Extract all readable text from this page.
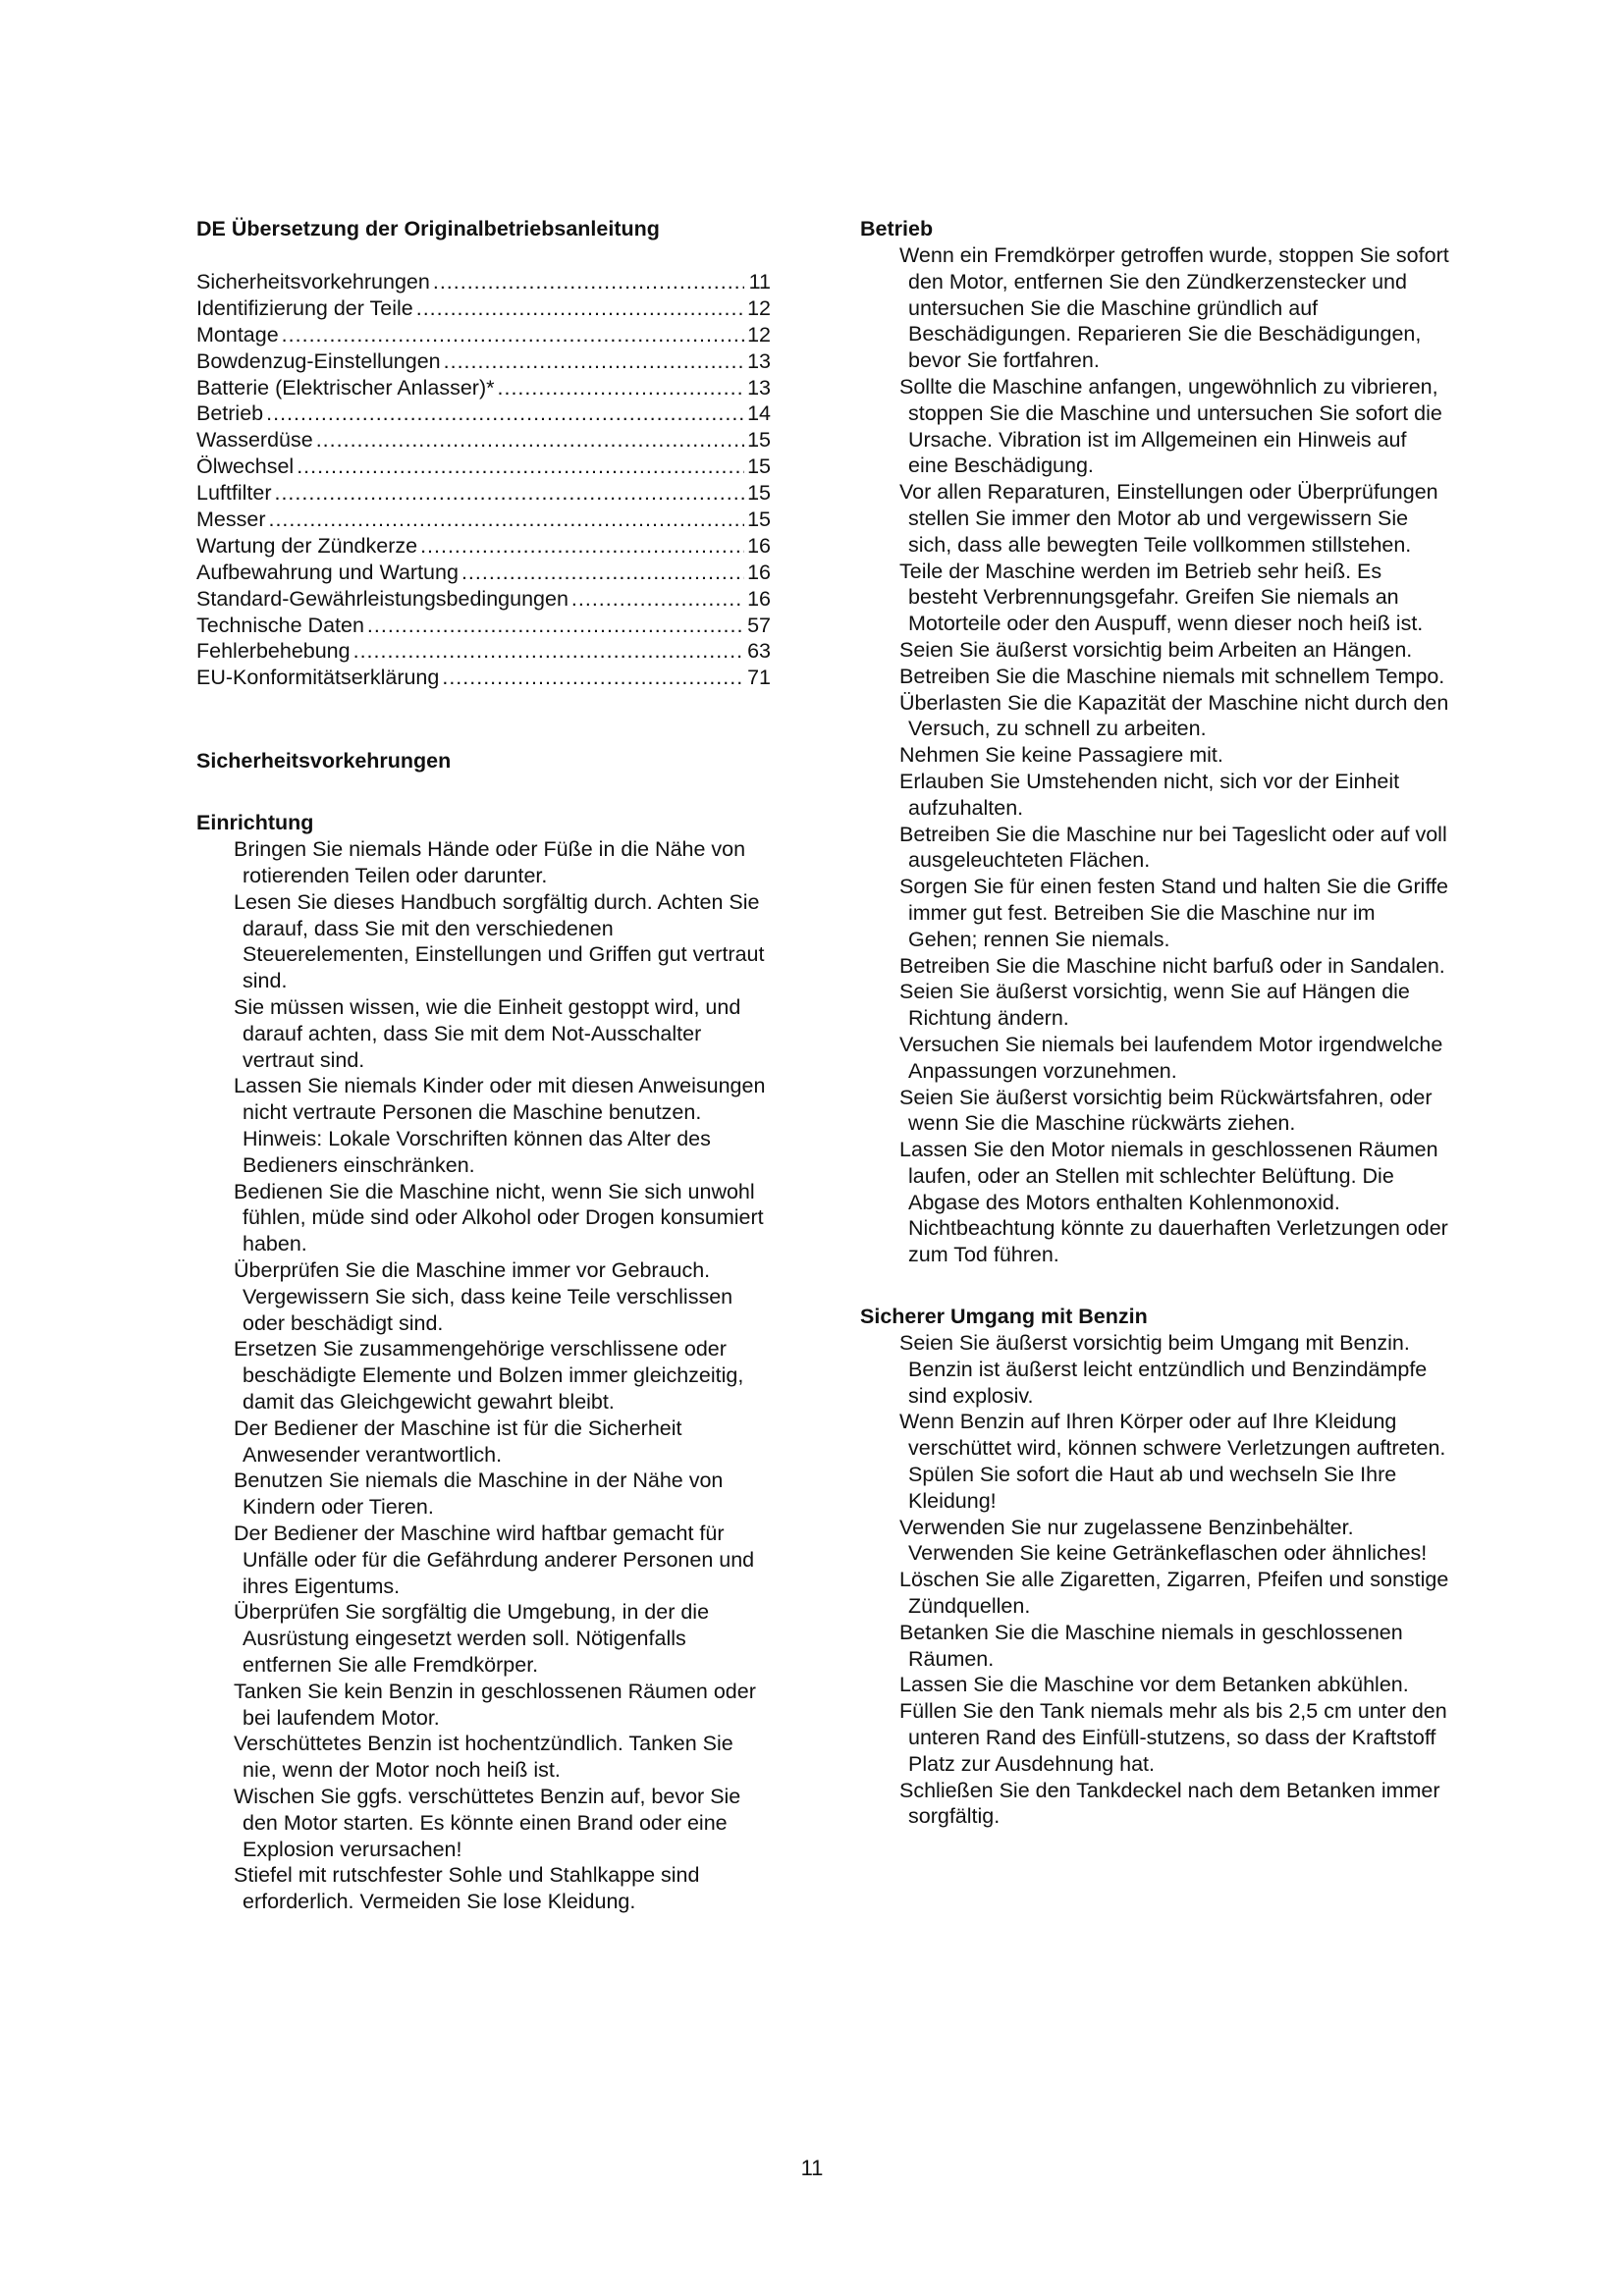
DE Übersetzung der Originalbetriebsanleitung
Sicherheitsvorkehrungen .....	11
Identifizierung der Teile .....	12
Montage .....	12
Bowdenzug-Einstellungen .....	13
Batterie (Elektrischer Anlasser)* .....	13
Betrieb .....	14
Wasserdüse .....	15
Ölwechsel .....	15
Luftfilter .....	15
Messer .....	15
Wartung der Zündkerze .....	16
Aufbewahrung und Wartung .....	16
Standard-Gewährleistungsbedingungen .....	16
Technische Daten .....	57
Fehlerbehebung .....	63
EU-Konformitätserklärung .....	71
Sicherheitsvorkehrungen
Einrichtung
Bringen Sie niemals Hände oder Füße in die Nähe von rotierenden Teilen oder darunter.
Lesen Sie dieses Handbuch sorgfältig durch. Achten Sie darauf, dass Sie mit den verschiedenen Steuerelementen, Einstellungen und Griffen gut vertraut sind.
Sie müssen wissen, wie die Einheit gestoppt wird, und darauf achten, dass Sie mit dem Not-Ausschalter vertraut sind.
Lassen Sie niemals Kinder oder mit diesen Anweisungen nicht vertraute Personen die Maschine benutzen. Hinweis: Lokale Vorschriften können das Alter des Bedieners einschränken.
Bedienen Sie die Maschine nicht, wenn Sie sich unwohl fühlen, müde sind oder Alkohol oder Drogen konsumiert haben.
Überprüfen Sie die Maschine immer vor Gebrauch. Vergewissern Sie sich, dass keine Teile verschlissen oder beschädigt sind.
Ersetzen Sie zusammengehörige verschlissene oder beschädigte Elemente und Bolzen immer gleichzeitig, damit das Gleichgewicht gewahrt bleibt.
Der Bediener der Maschine ist für die Sicherheit Anwesender verantwortlich.
Benutzen Sie niemals die Maschine in der Nähe von Kindern oder Tieren.
Der Bediener der Maschine wird haftbar gemacht für Unfälle oder für die Gefährdung anderer Personen und ihres Eigentums.
Überprüfen Sie sorgfältig die Umgebung, in der die Ausrüstung eingesetzt werden soll. Nötigenfalls entfernen Sie alle Fremdkörper.
Tanken Sie kein Benzin in geschlossenen Räumen oder bei laufendem Motor.
Verschüttetes Benzin ist hochentzündlich. Tanken Sie nie, wenn der Motor noch heiß ist.
Wischen Sie ggfs. verschüttetes Benzin auf, bevor Sie den Motor starten. Es könnte einen Brand oder eine Explosion verursachen!
Stiefel mit rutschfester Sohle und Stahlkappe sind erforderlich. Vermeiden Sie lose Kleidung.
Betrieb
Wenn ein Fremdkörper getroffen wurde, stoppen Sie sofort den Motor, entfernen Sie den Zündkerzenstecker und untersuchen Sie die Maschine gründlich auf Beschädigungen. Reparieren Sie die Beschädigungen, bevor Sie fortfahren.
Sollte die Maschine anfangen, ungewöhnlich zu vibrieren, stoppen Sie die Maschine und untersuchen Sie sofort die Ursache. Vibration ist im Allgemeinen ein Hinweis auf eine Beschädigung.
Vor allen Reparaturen, Einstellungen oder Überprüfungen stellen Sie immer den Motor ab und vergewissern Sie sich, dass alle bewegten Teile vollkommen stillstehen.
Teile der Maschine werden im Betrieb sehr heiß. Es besteht Verbrennungsgefahr. Greifen Sie niemals an Motorteile oder den Auspuff, wenn dieser noch heiß ist.
Seien Sie äußerst vorsichtig beim Arbeiten an Hängen.
Betreiben Sie die Maschine niemals mit schnellem Tempo.
Überlasten Sie die Kapazität der Maschine nicht durch den Versuch, zu schnell zu arbeiten.
Nehmen Sie keine Passagiere mit.
Erlauben Sie Umstehenden nicht, sich vor der Einheit aufzuhalten.
Betreiben Sie die Maschine nur bei Tageslicht oder auf voll ausgeleuchteten Flächen.
Sorgen Sie für einen festen Stand und halten Sie die Griffe immer gut fest. Betreiben Sie die Maschine nur im Gehen; rennen Sie niemals.
Betreiben Sie die Maschine nicht barfuß oder in Sandalen.
Seien Sie äußerst vorsichtig, wenn Sie auf Hängen die Richtung ändern.
Versuchen Sie niemals bei laufendem Motor irgendwelche Anpassungen vorzunehmen.
Seien Sie äußerst vorsichtig beim Rückwärtsfahren, oder wenn Sie die Maschine rückwärts ziehen.
Lassen Sie den Motor niemals in geschlossenen Räumen laufen, oder an Stellen mit schlechter Belüftung. Die Abgase des Motors enthalten Kohlenmonoxid. Nichtbeachtung könnte zu dauerhaften Verletzungen oder zum Tod führen.
Sicherer Umgang mit Benzin
Seien Sie äußerst vorsichtig beim Umgang mit Benzin. Benzin ist äußerst leicht entzündlich und Benzindämpfe sind explosiv.
Wenn Benzin auf Ihren Körper oder auf Ihre Kleidung verschüttet wird, können schwere Verletzungen auftreten. Spülen Sie sofort die Haut ab und wechseln Sie Ihre Kleidung!
Verwenden Sie nur zugelassene Benzinbehälter. Verwenden Sie keine Getränkeflaschen oder ähnliches!
Löschen Sie alle Zigaretten, Zigarren, Pfeifen und sonstige Zündquellen.
Betanken Sie die Maschine niemals in geschlossenen Räumen.
Lassen Sie die Maschine vor dem Betanken abkühlen.
Füllen Sie den Tank niemals mehr als bis 2,5 cm unter den unteren Rand des Einfüll-stutzens, so dass der Kraftstoff Platz zur Ausdehnung hat.
Schließen Sie den Tankdeckel nach dem Betanken immer sorgfältig.
11
